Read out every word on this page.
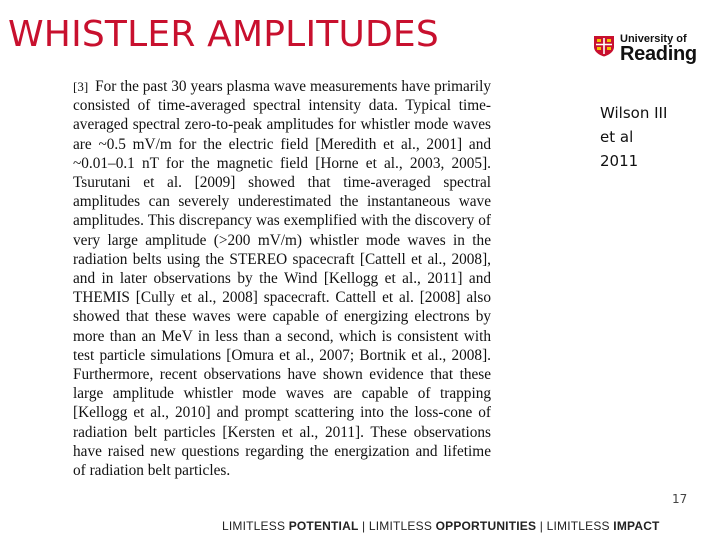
WHISTLER AMPLITUDES	University of
Reading
[3] For the past 30 years plasma wave measurements have primarily consisted of time-averaged spectral intensity data. Typical time-averaged spectral zero-to-peak amplitudes for whistler mode waves are ~0.5 mV/m for the electric field [Meredith et al., 2001] and ~0.01–0.1 nT for the magnetic field [Horne et al., 2003, 2005]. Tsurutani et al. [2009] showed that time-averaged spectral amplitudes can severely underestimated the instantaneous wave amplitudes. This discrepancy was exemplified with the discovery of very large amplitude (>200 mV/m) whistler mode waves in the radiation belts using the STEREO spacecraft [Cattell et al., 2008], and in later observations by the Wind [Kellogg et al., 2011] and THEMIS [Cully et al., 2008] spacecraft. Cattell et al. [2008] also showed that these waves were capable of energizing electrons by more than an MeV in less than a second, which is consistent with test particle simulations [Omura et al., 2007; Bortnik et al., 2008]. Furthermore, recent observations have shown evidence that these large amplitude whistler mode waves are capable of trapping [Kellogg et al., 2010] and prompt scattering into the loss-cone of radiation belt particles [Kersten et al., 2011]. These observations have raised new questions regarding the energization and lifetime of radiation belt particles.
Wilson III
et al
2011
17
LIMITLESS POTENTIAL | LIMITLESS OPPORTUNITIES | LIMITLESS IMPACT
